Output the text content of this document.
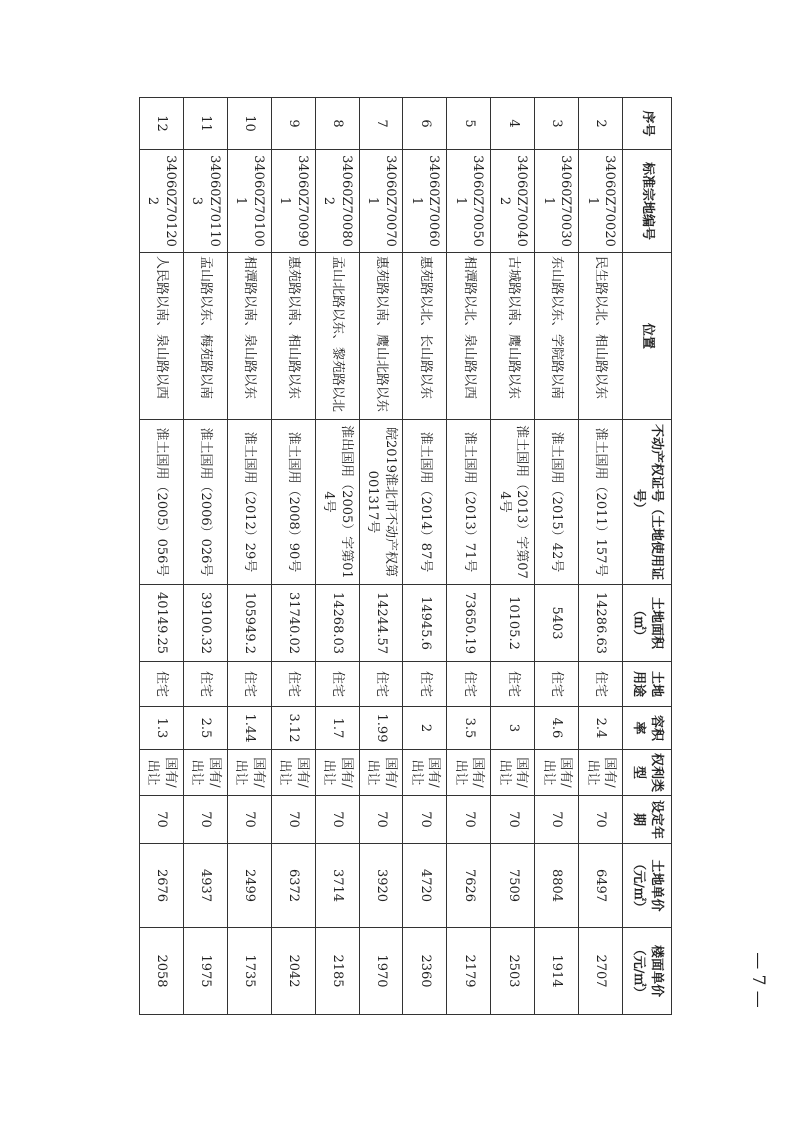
序号	标准宗地编号	位置	不动产权证号（土地使用证号）	土地面积（㎡）	土地用途	容积率	权利类型	设定年期	土地单价（元/㎡）	楼面单价（元/㎡）
2	34060Z700201	民生路以北、相山路以东	淮土国用（2011）157号	14286.63	住宅	2.4	国有/出让	70	6497	2707
3	34060Z700301	东山路以东、学院路以南	淮土国用（2015）42号	5403	住宅	4.6	国有/出让	70	8804	1914
4	34060Z700402	古城路以南、鹰山路以东	淮土国用（2013）字第074号	10105.2	住宅	3	国有/出让	70	7509	2503
5	34060Z700501	相潭路以北、泉山路以西	淮土国用（2013）71号	73650.19	住宅	3.5	国有/出让	70	7626	2179
6	34060Z700601	惠苑路以北、长山路以东	淮土国用（2014）87号	14945.6	住宅	2	国有/出让	70	4720	2360
7	34060Z700701	惠苑路以南、鹰山北路以东	皖2019淮北市不动产权第001317号	14244.57	住宅	1.99	国有/出让	70	3920	1970
8	34060Z700802	孟山北路以东、黎苑路以北	淮出国用（2005）字第014号	14268.03	住宅	1.7	国有/出让	70	3714	2185
9	34060Z700901	惠苑路以南、相山路以东	淮土国用（2008）90号	31740.02	住宅	3.12	国有/出让	70	6372	2042
10	34060Z701001	相潭路以南、泉山路以东	淮土国用（2012）29号	105949.2	住宅	1.44	国有/出让	70	2499	1735
11	34060Z701103	孟山路以东、梅苑路以南	淮土国用（2006）026号	39100.32	住宅	2.5	国有/出让	70	4937	1975
12	34060Z701202	人民路以南、泉山路以西	淮土国用（2005）056号	40149.25	住宅	1.3	国有/出让	70	2676	2058	— 7 —
